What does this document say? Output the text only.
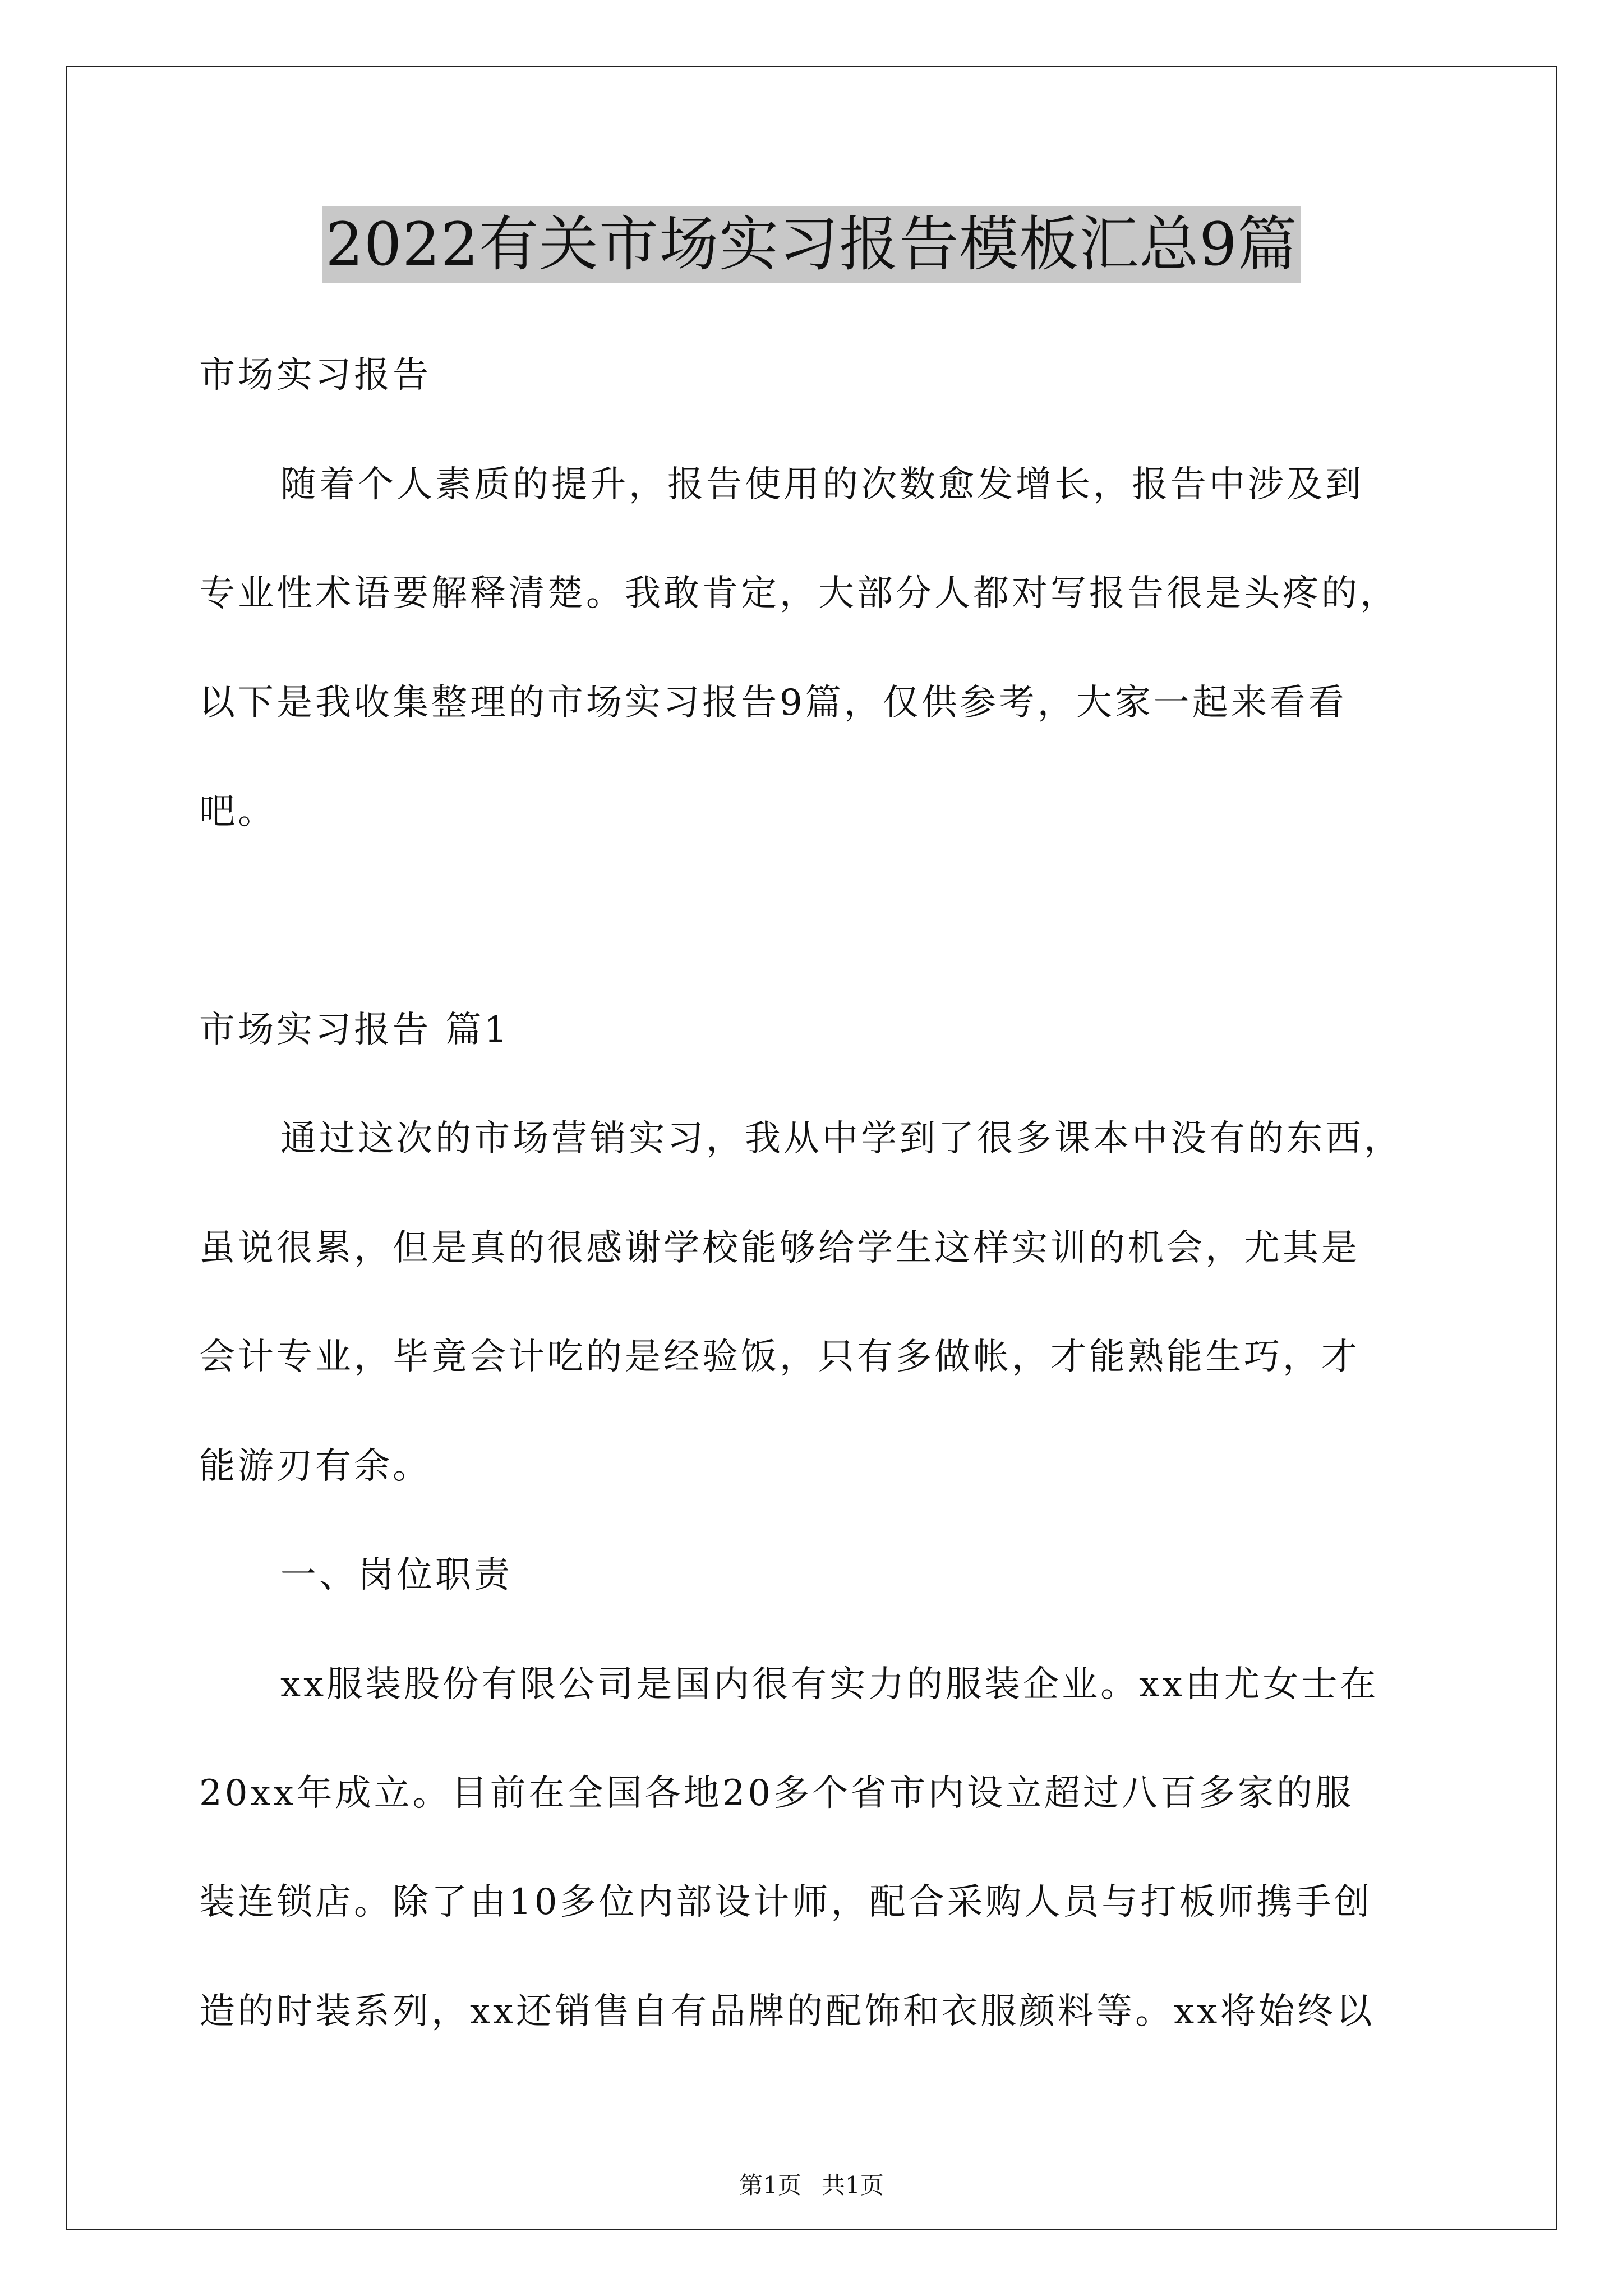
2022有关市场实习报告模板汇总9篇
市场实习报告
随着个人素质的提升，报告使用的次数愈发增长，报告中涉及到
专业性术语要解释清楚。我敢肯定，大部分人都对写报告很是头疼的，
以下是我收集整理的市场实习报告9篇，仅供参考，大家一起来看看
吧。
市场实习报告 篇1
通过这次的市场营销实习，我从中学到了很多课本中没有的东西，
虽说很累，但是真的很感谢学校能够给学生这样实训的机会，尤其是
会计专业，毕竟会计吃的是经验饭，只有多做帐，才能熟能生巧，才
能游刃有余。
一、岗位职责
xx服装股份有限公司是国内很有实力的服装企业。xx由尤女士在
20xx年成立。目前在全国各地20多个省市内设立超过八百多家的服
装连锁店。除了由10多位内部设计师，配合采购人员与打板师携手创
造的时装系列，xx还销售自有品牌的配饰和衣服颜料等。xx将始终以
第1页 共1页
